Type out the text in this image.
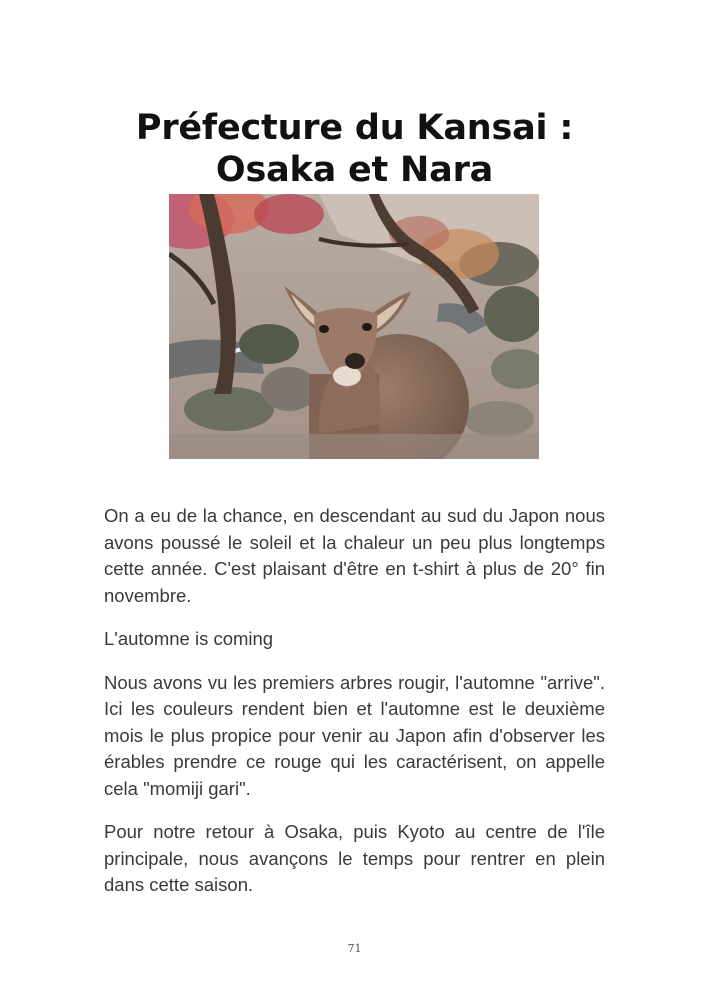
Préfecture du Kansai :
Osaka et Nara

On a eu de la chance, en descendant au sud du Japon nous avons poussé le soleil et la chaleur un peu plus longtemps cette année. C'est plaisant d'être en t-shirt à plus de 20° fin novembre.

L'automne is coming

Nous avons vu les premiers arbres rougir, l'automne "arrive". Ici les couleurs rendent bien et l'automne est le deuxième mois le plus propice pour venir au Japon afin d'observer les érables prendre ce rouge qui les caractérisent, on appelle cela "momiji gari".

Pour notre retour à Osaka, puis Kyoto au centre de l'île principale, nous avançons le temps pour rentrer en plein dans cette saison.

71
